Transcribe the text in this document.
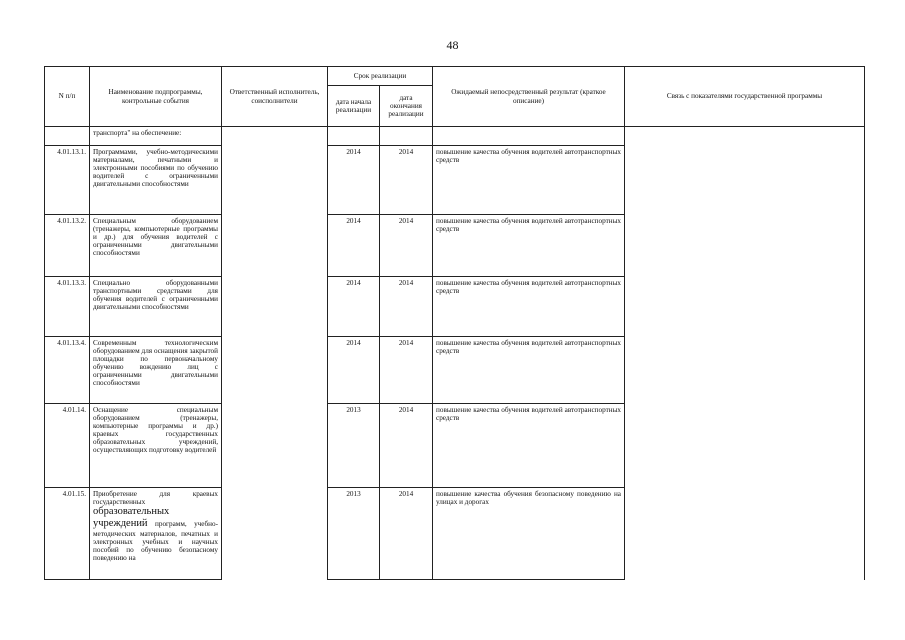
48
N п/п	Наименование подпрограммы, контрольные события	Ответственный исполнитель, соисполнители	Срок реализации		Ожидаемый непосредственный результат (краткое описание)	Связь с показателями государственной программы
			дата начала реализации	дата окончания реализации		
	транспорта" на обеспечение:					
4.01.13.1.	Программами, учебно-методическими материалами, печатными и электронными пособиями по обучению водителей с ограниченными двигательными способностями		2014	2014	повышение качества обучения водителей автотранспортных средств	
4.01.13.2.	Специальным оборудованием (тренажеры, компьютерные программы и др.) для обучения водителей с ограниченными двигательными способностями		2014	2014	повышение качества обучения водителей автотранспортных средств	
4.01.13.3.	Специально оборудованными транспортными средствами для обучения водителей с ограниченными двигательными способностями		2014	2014	повышение качества обучения водителей автотранспортных средств	
4.01.13.4.	Современным технологическим оборудованием для оснащения закрытой площадки по первоначальному обучению вождению лиц с ограниченными двигательными способностями		2014	2014	повышение качества обучения водителей автотранспортных средств	
4.01.14.	Оснащение специальным оборудованием (тренажеры, компьютерные программы и др.) краевых государственных образовательных учреждений, осуществляющих подготовку водителей		2013	2014	повышение качества обучения водителей автотранспортных средств	
4.01.15.	Приобретение для краевых государственных образовательных учреждений программ, учебно-методических материалов, печатных и электронных учебных и научных пособий по обучению безопасному поведению на		2013	2014	повышение качества обучения безопасному поведению на улицах и дорогах	
